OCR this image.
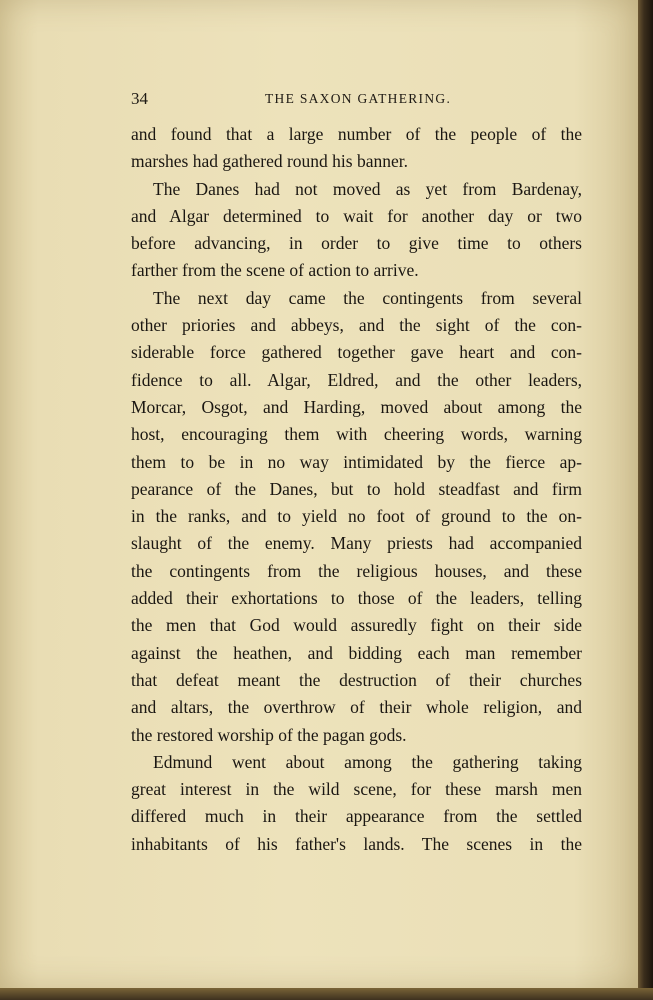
34	THE SAXON GATHERING.
and found that a large number of the people of the
marshes had gathered round his banner.
The Danes had not moved as yet from Bardenay,
and Algar determined to wait for another day or two
before advancing, in order to give time to others
farther from the scene of action to arrive.
The next day came the contingents from several
other priories and abbeys, and the sight of the con-
siderable force gathered together gave heart and con-
fidence to all. Algar, Eldred, and the other leaders,
Morcar, Osgot, and Harding, moved about among the
host, encouraging them with cheering words, warning
them to be in no way intimidated by the fierce ap-
pearance of the Danes, but to hold steadfast and firm
in the ranks, and to yield no foot of ground to the on-
slaught of the enemy. Many priests had accompanied
the contingents from the religious houses, and these
added their exhortations to those of the leaders, telling
the men that God would assuredly fight on their side
against the heathen, and bidding each man remember
that defeat meant the destruction of their churches
and altars, the overthrow of their whole religion, and
the restored worship of the pagan gods.
Edmund went about among the gathering taking
great interest in the wild scene, for these marsh men
differed much in their appearance from the settled
inhabitants of his father's lands. The scenes in the
